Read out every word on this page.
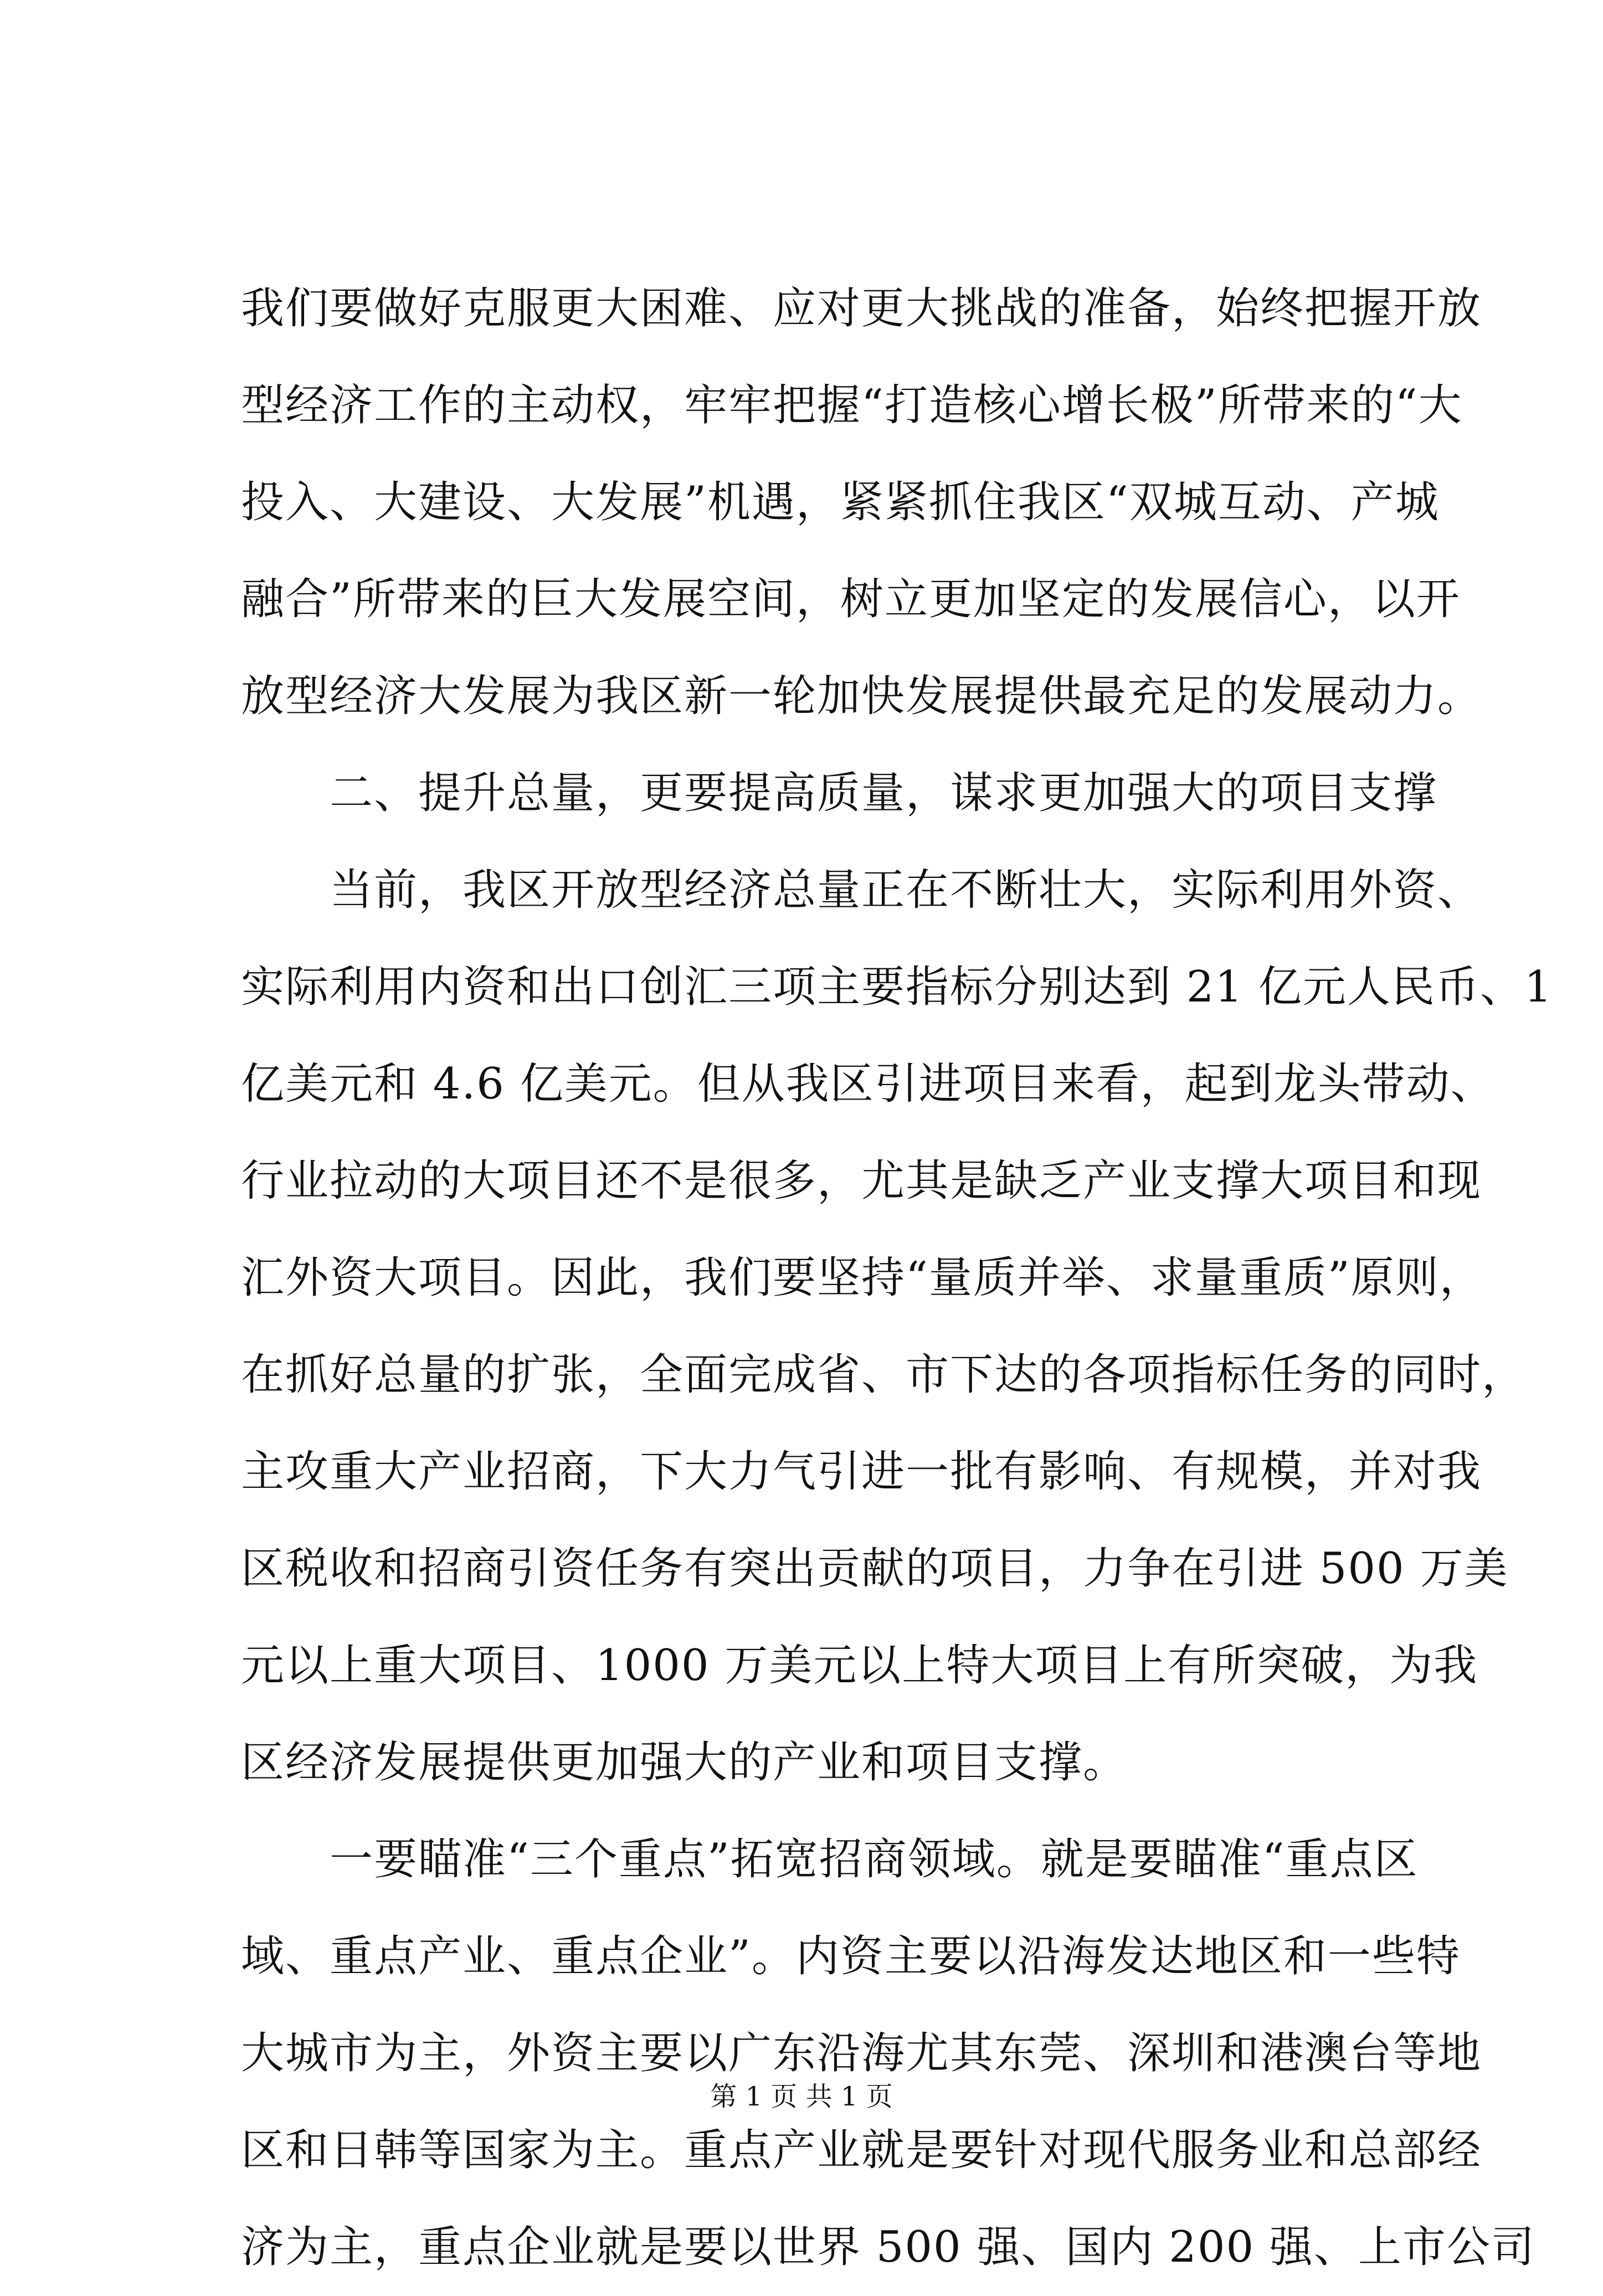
我们要做好克服更大困难、应对更大挑战的准备，始终把握开放
型经济工作的主动权，牢牢把握“打造核心增长极”所带来的“大
投入、大建设、大发展”机遇，紧紧抓住我区“双城互动、产城
融合”所带来的巨大发展空间，树立更加坚定的发展信心，以开
放型经济大发展为我区新一轮加快发展提供最充足的发展动力。
　　二、提升总量，更要提高质量，谋求更加强大的项目支撑
　　当前，我区开放型经济总量正在不断壮大，实际利用外资、
实际利用内资和出口创汇三项主要指标分别达到 21 亿元人民币、1
亿美元和 4.6 亿美元。但从我区引进项目来看，起到龙头带动、
行业拉动的大项目还不是很多，尤其是缺乏产业支撑大项目和现
汇外资大项目。因此，我们要坚持“量质并举、求量重质”原则，
在抓好总量的扩张，全面完成省、市下达的各项指标任务的同时，
主攻重大产业招商，下大力气引进一批有影响、有规模，并对我
区税收和招商引资任务有突出贡献的项目，力争在引进 500 万美
元以上重大项目、1000 万美元以上特大项目上有所突破，为我
区经济发展提供更加强大的产业和项目支撑。
　　一要瞄准“三个重点”拓宽招商领域。就是要瞄准“重点区
域、重点产业、重点企业”。内资主要以沿海发达地区和一些特
大城市为主，外资主要以广东沿海尤其东莞、深圳和港澳台等地
区和日韩等国家为主。重点产业就是要针对现代服务业和总部经
济为主，重点企业就是要以世界 500 强、国内 200 强、上市公司
第 1 页 共 1 页
